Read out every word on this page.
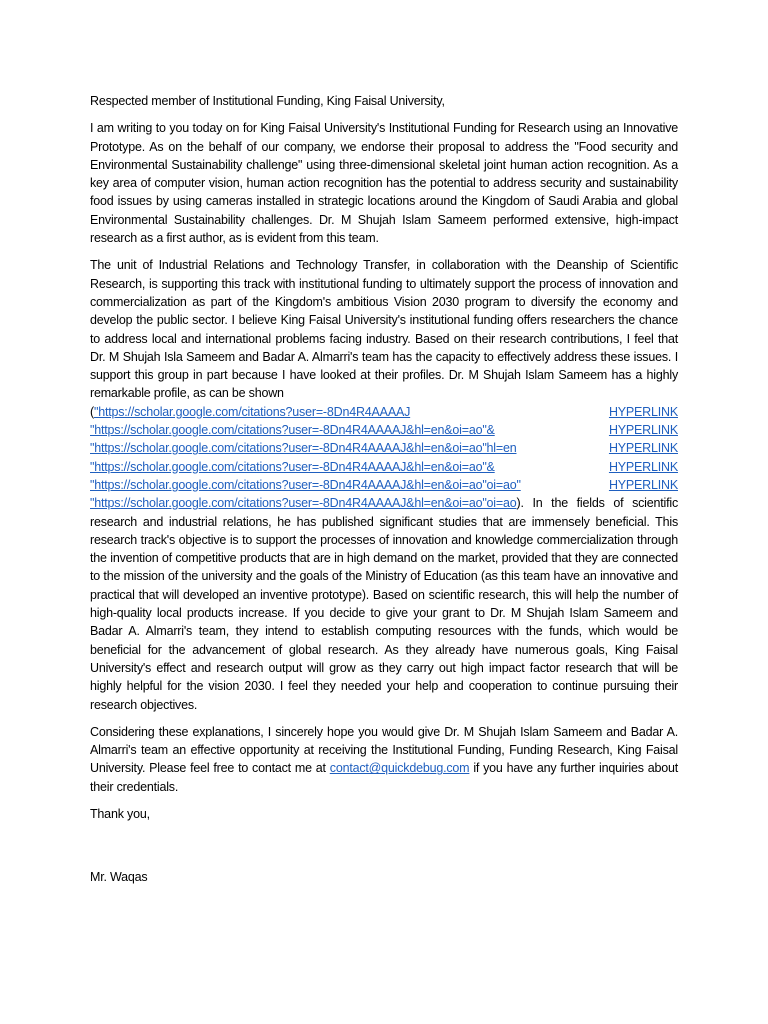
Respected member of Institutional Funding, King Faisal University,

I am writing to you today on for King Faisal University's Institutional Funding for Research using an Innovative Prototype. As on the behalf of our company, we endorse their proposal to address the "Food security and Environmental Sustainability challenge" using three-dimensional skeletal joint human action recognition. As a key area of computer vision, human action recognition has the potential to address security and sustainability food issues by using cameras installed in strategic locations around the Kingdom of Saudi Arabia and global Environmental Sustainability challenges. Dr. M Shujah Islam Sameem performed extensive, high-impact research as a first author, as is evident from this team.

The unit of Industrial Relations and Technology Transfer, in collaboration with the Deanship of Scientific Research, is supporting this track with institutional funding to ultimately support the process of innovation and commercialization as part of the Kingdom's ambitious Vision 2030 program to diversify the economy and develop the public sector. I believe King Faisal University's institutional funding offers researchers the chance to address local and international problems facing industry. Based on their research contributions, I feel that Dr. M Shujah Isla Sameem and Badar A. Almarri's team has the capacity to effectively address these issues. I support this group in part because I have looked at their profiles. Dr. M Shujah Islam Sameem has a highly remarkable profile, as can be shown

("https://scholar.google.com/citations?user=-8Dn4R4AAAAJ	HYPERLINK
"https://scholar.google.com/citations?user=-8Dn4R4AAAAJ&hl=en&oi=ao"&	HYPERLINK
"https://scholar.google.com/citations?user=-8Dn4R4AAAAJ&hl=en&oi=ao"hl=en	HYPERLINK
"https://scholar.google.com/citations?user=-8Dn4R4AAAAJ&hl=en&oi=ao"&	HYPERLINK
"https://scholar.google.com/citations?user=-8Dn4R4AAAAJ&hl=en&oi=ao"oi=ao"	HYPERLINK

"https://scholar.google.com/citations?user=-8Dn4R4AAAAJ&hl=en&oi=ao"oi=ao). In the fields of scientific research and industrial relations, he has published significant studies that are immensely beneficial. This research track's objective is to support the processes of innovation and knowledge commercialization through the invention of competitive products that are in high demand on the market, provided that they are connected to the mission of the university and the goals of the Ministry of Education (as this team have an innovative and practical that will developed an inventive prototype). Based on scientific research, this will help the number of high-quality local products increase. If you decide to give your grant to Dr. M Shujah Islam Sameem and Badar A. Almarri's team, they intend to establish computing resources with the funds, which would be beneficial for the advancement of global research. As they already have numerous goals, King Faisal University's effect and research output will grow as they carry out high impact factor research that will be highly helpful for the vision 2030. I feel they needed your help and cooperation to continue pursuing their research objectives.

Considering these explanations, I sincerely hope you would give Dr. M Shujah Islam Sameem and Badar A. Almarri's team an effective opportunity at receiving the Institutional Funding, Funding Research, King Faisal University. Please feel free to contact me at contact@quickdebug.com if you have any further inquiries about their credentials.

Thank you,

Mr. Waqas
